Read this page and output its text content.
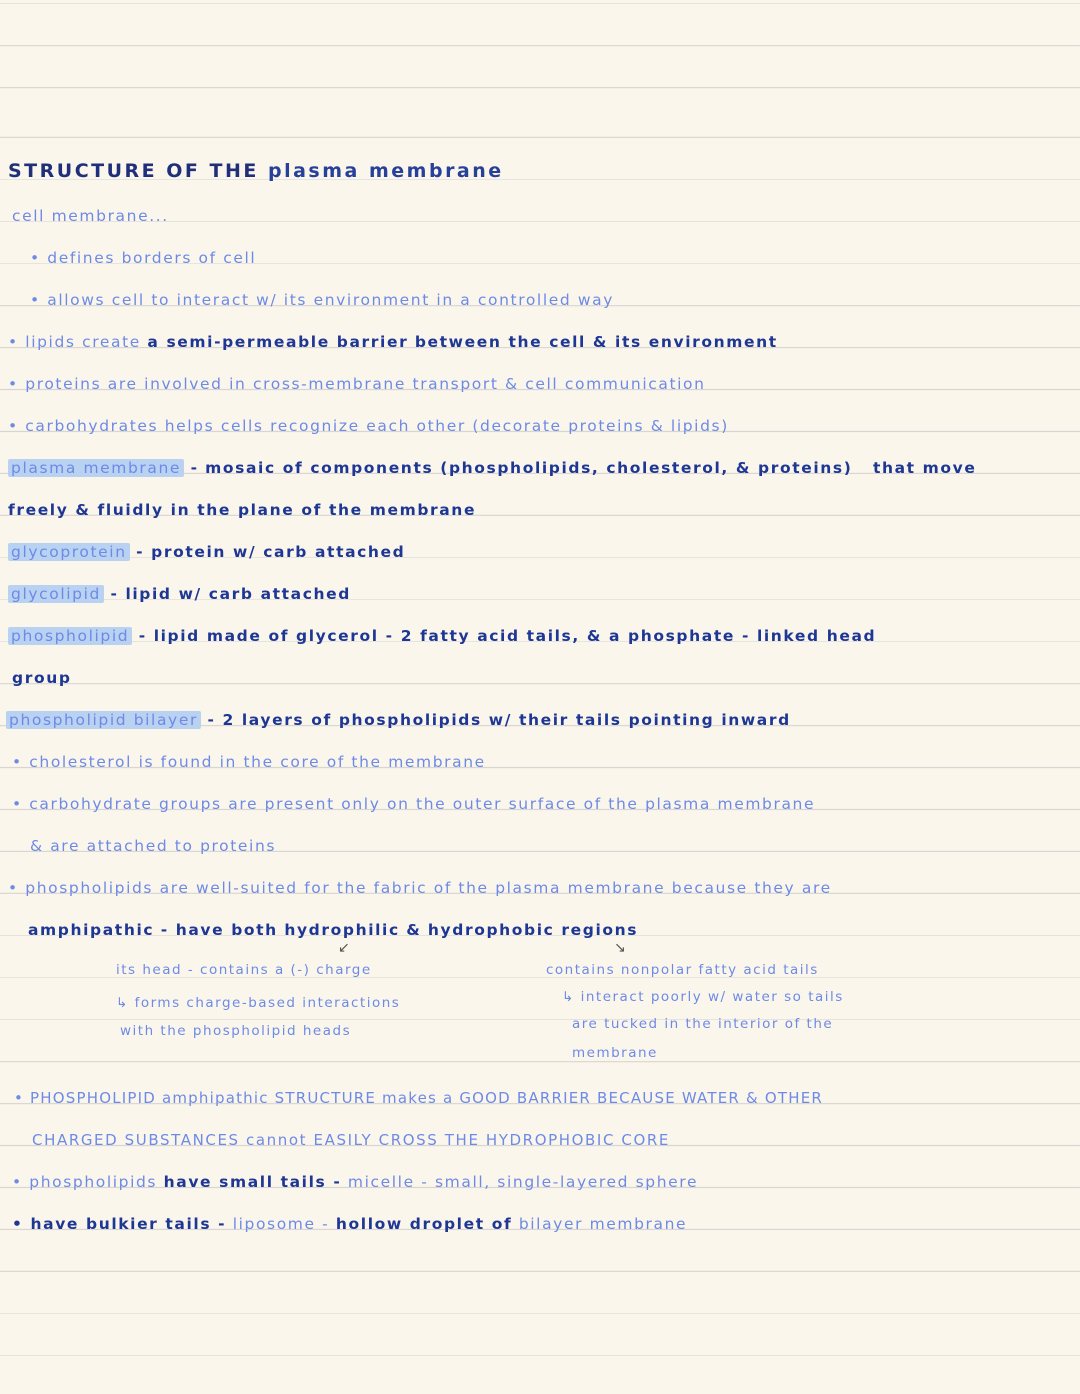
STRUCTURE OF THE plasma membrane
cell membrane...
• defines borders of cell
• allows cell to interact w/ its environment in a controlled way
• lipids create a semi-permeable barrier between the cell & its environment
• proteins are involved in cross-membrane transport & cell communication
• carbohydrates helps cells recognize each other (decorate proteins & lipids)
plasma membrane - mosaic of components (phospholipids, cholesterol, & proteins) that move
freely & fluidly in the plane of the membrane
glycoprotein - protein w/ carb attached
glycolipid - lipid w/ carb attached
phospholipid - lipid made of glycerol - 2 fatty acid tails, & a phosphate - linked head
group
phospholipid bilayer - 2 layers of phospholipids w/ their tails pointing inward
• cholesterol is found in the core of the membrane
• carbohydrate groups are present only on the outer surface of the plasma membrane
& are attached to proteins
• phospholipids are well-suited for the fabric of the plasma membrane because they are
amphipathic - have both hydrophilic & hydrophobic regions
↙	↘
its head - contains a (-) charge
↳ forms charge-based interactions
with the phospholipid heads
contains nonpolar fatty acid tails
↳ interact poorly w/ water so tails
are tucked in the interior of the
membrane
• PHOSPHOLIPID amphipathic STRUCTURE makes a GOOD BARRIER BECAUSE WATER & OTHER
CHARGED SUBSTANCES cannot EASILY CROSS THE HYDROPHOBIC CORE
• phospholipids have small tails - micelle - small, single-layered sphere
• have bulkier tails - liposome - hollow droplet of bilayer membrane
